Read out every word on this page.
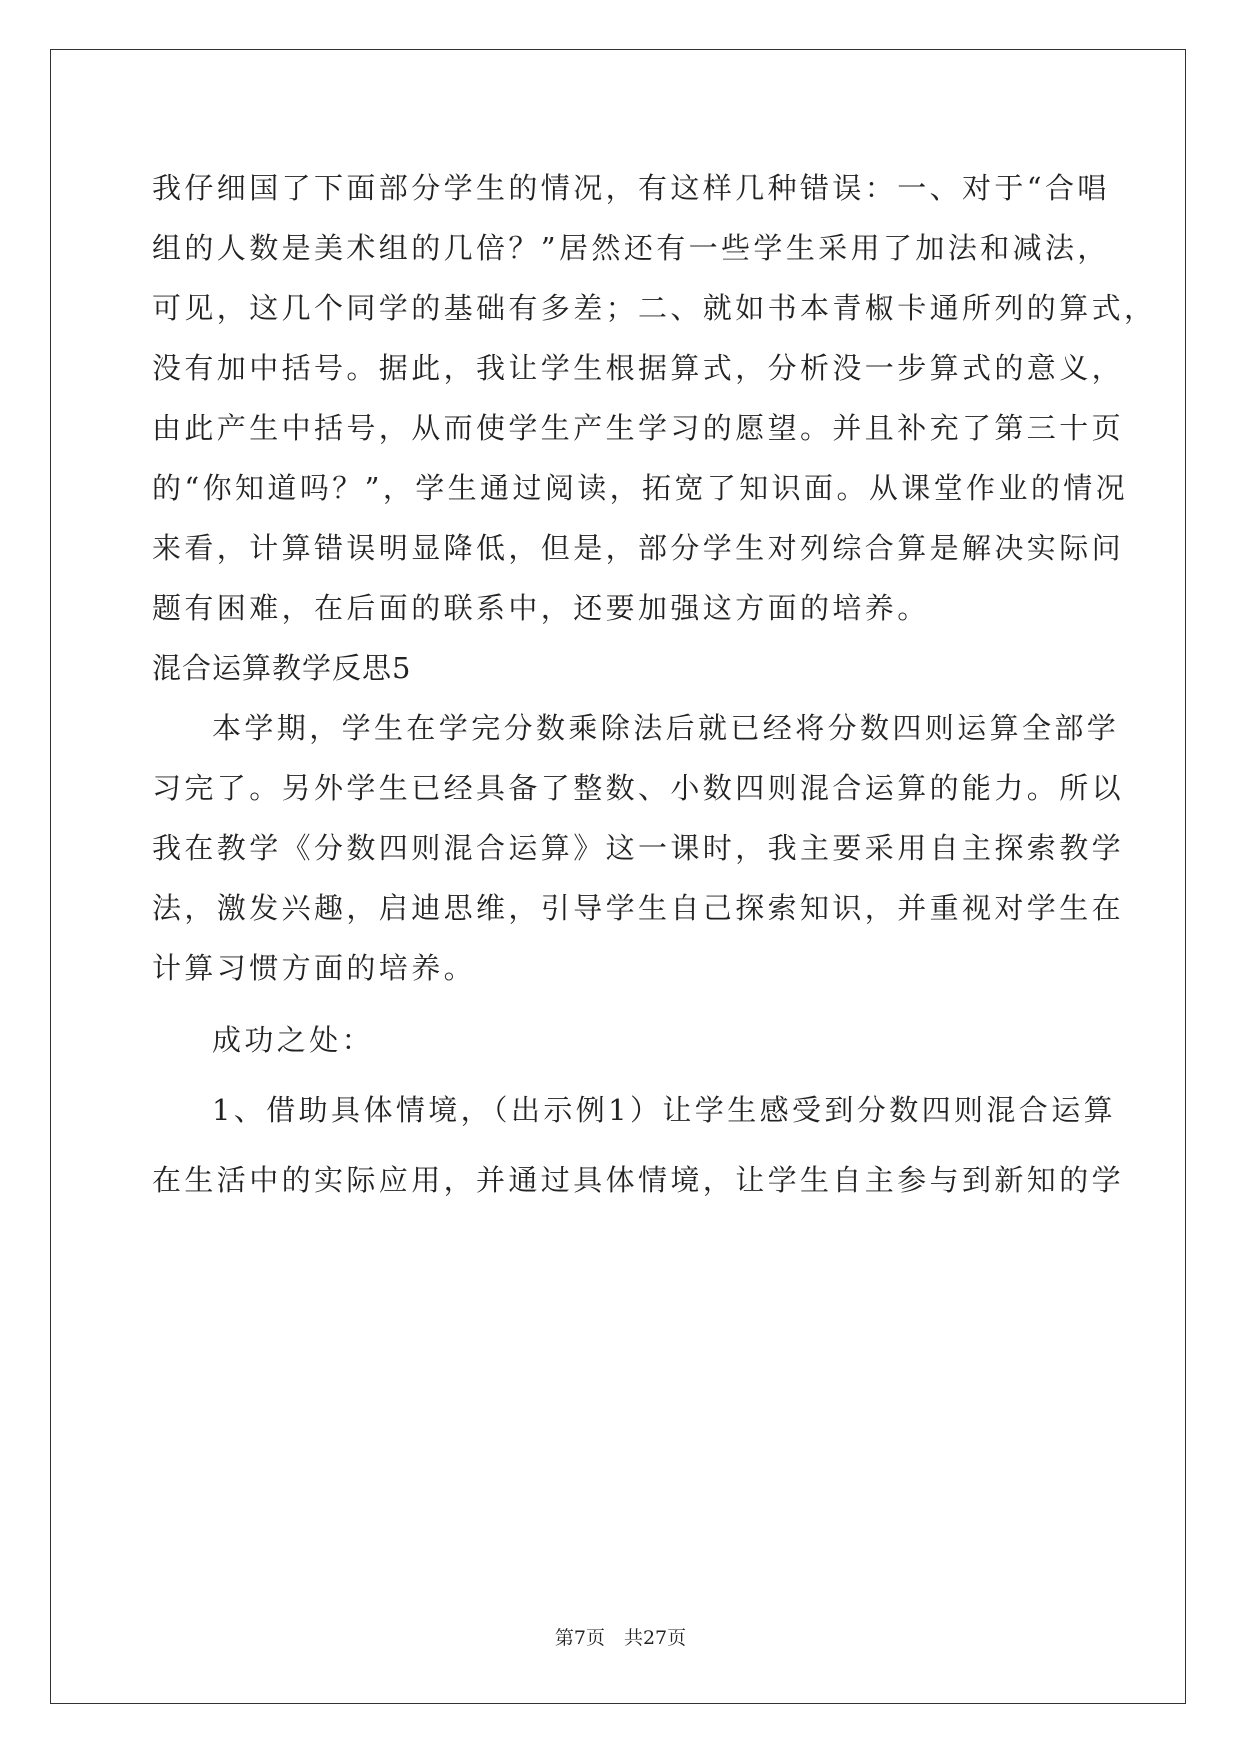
我仔细国了下面部分学生的情况，有这样几种错误：一、对于“合唱
组的人数是美术组的几倍？”居然还有一些学生采用了加法和减法，
可见，这几个同学的基础有多差；二、就如书本青椒卡通所列的算式，
没有加中括号。据此，我让学生根据算式，分析没一步算式的意义，
由此产生中括号，从而使学生产生学习的愿望。并且补充了第三十页
的“你知道吗？”，学生通过阅读，拓宽了知识面。从课堂作业的情况
来看，计算错误明显降低，但是，部分学生对列综合算是解决实际问
题有困难，在后面的联系中，还要加强这方面的培养。
混合运算教学反思5
本学期，学生在学完分数乘除法后就已经将分数四则运算全部学
习完了。另外学生已经具备了整数、小数四则混合运算的能力。所以
我在教学《分数四则混合运算》这一课时，我主要采用自主探索教学
法，激发兴趣，启迪思维，引导学生自己探索知识，并重视对学生在
计算习惯方面的培养。
成功之处：
1、借助具体情境，（出示例1）让学生感受到分数四则混合运算
在生活中的实际应用，并通过具体情境，让学生自主参与到新知的学
第7页　共27页
